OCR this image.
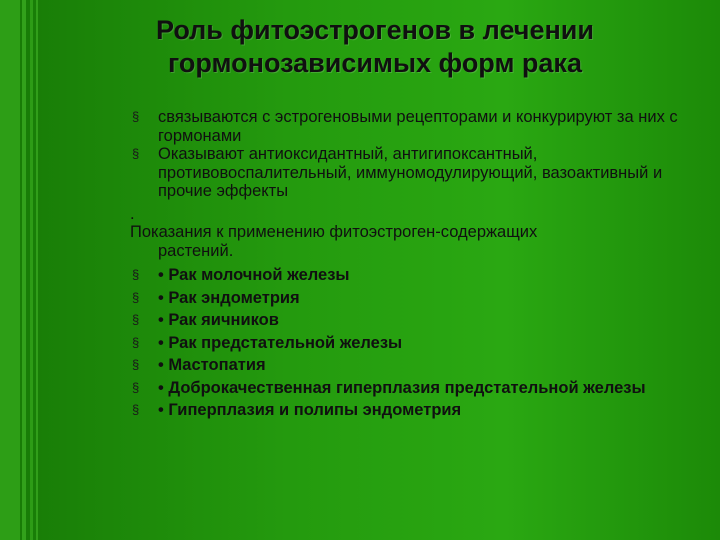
Роль фитоэстрогенов в лечении
гормонозависимых форм рака
§ связываются с эстрогеновыми рецепторами и конкурируют за них с гормонами
§ Оказывают антиоксидантный, антигипоксантный, противовоспалительный, иммуномодулирующий, вазоактивный и прочие эффекты
.
Показания к применению фитоэстроген-содержащих
растений.
§ • Рак молочной железы
§ • Рак эндометрия
§ • Рак яичников
§ • Рак предстательной железы
§ • Мастопатия
§ • Доброкачественная гиперплазия предстательной железы
§ • Гиперплазия и полипы эндометрия
